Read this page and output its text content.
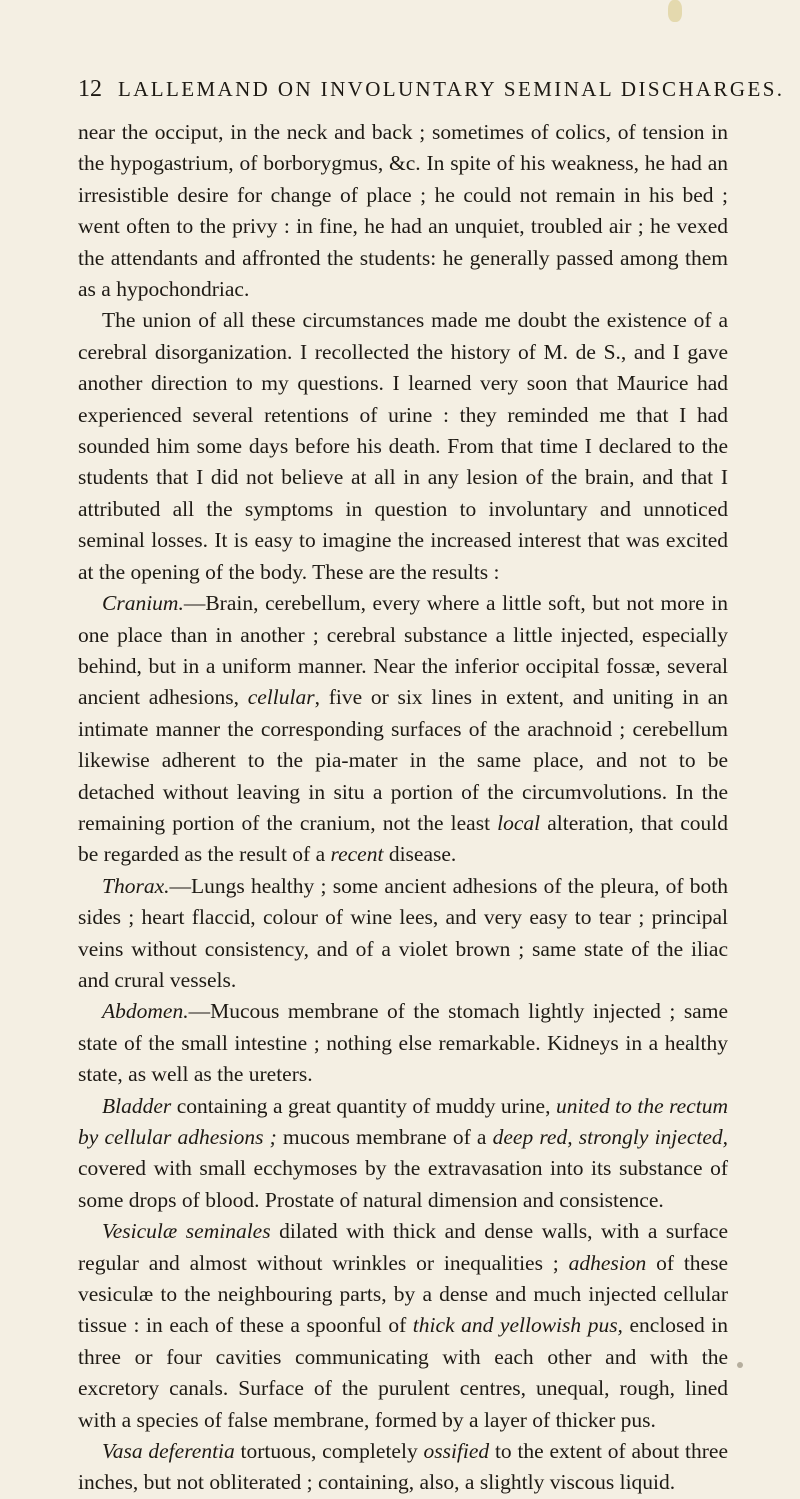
12 LALLEMAND ON INVOLUNTARY SEMINAL DISCHARGES.

near the occiput, in the neck and back ; sometimes of colics, of tension in the hypogastrium, of borborygmus, &c. In spite of his weakness, he had an irresistible desire for change of place ; he could not remain in his bed ; went often to the privy : in fine, he had an unquiet, troubled air ; he vexed the attendants and affronted the students: he generally passed among them as a hypochondriac.

The union of all these circumstances made me doubt the existence of a cerebral disorganization. I recollected the history of M. de S., and I gave another direction to my questions. I learned very soon that Maurice had experienced several retentions of urine : they reminded me that I had sounded him some days before his death. From that time I declared to the students that I did not believe at all in any lesion of the brain, and that I attributed all the symptoms in question to involuntary and unnoticed seminal losses. It is easy to imagine the increased interest that was excited at the opening of the body. These are the results :

Cranium.—Brain, cerebellum, every where a little soft, but not more in one place than in another ; cerebral substance a little injected, especially behind, but in a uniform manner. Near the inferior occipital fossæ, several ancient adhesions, cellular, five or six lines in extent, and uniting in an intimate manner the corresponding surfaces of the arachnoid ; cerebellum likewise adherent to the pia-mater in the same place, and not to be detached without leaving in situ a portion of the circumvolutions. In the remaining portion of the cranium, not the least local alteration, that could be regarded as the result of a recent disease.

Thorax.—Lungs healthy ; some ancient adhesions of the pleura, of both sides ; heart flaccid, colour of wine lees, and very easy to tear ; principal veins without consistency, and of a violet brown ; same state of the iliac and crural vessels.

Abdomen.—Mucous membrane of the stomach lightly injected ; same state of the small intestine ; nothing else remarkable. Kidneys in a healthy state, as well as the ureters.

Bladder containing a great quantity of muddy urine, united to the rectum by cellular adhesions ; mucous membrane of a deep red, strongly injected, covered with small ecchymoses by the extravasation into its substance of some drops of blood. Prostate of natural dimension and consistence.

Vesiculæ seminales dilated with thick and dense walls, with a surface regular and almost without wrinkles or inequalities ; adhesion of these vesiculæ to the neighbouring parts, by a dense and much injected cellular tissue : in each of these a spoonful of thick and yellowish pus, enclosed in three or four cavities communicating with each other and with the excretory canals. Surface of the purulent centres, unequal, rough, lined with a species of false membrane, formed by a layer of thicker pus.

Vasa deferentia tortuous, completely ossified to the extent of about three inches, but not obliterated ; containing, also, a slightly viscous liquid.
